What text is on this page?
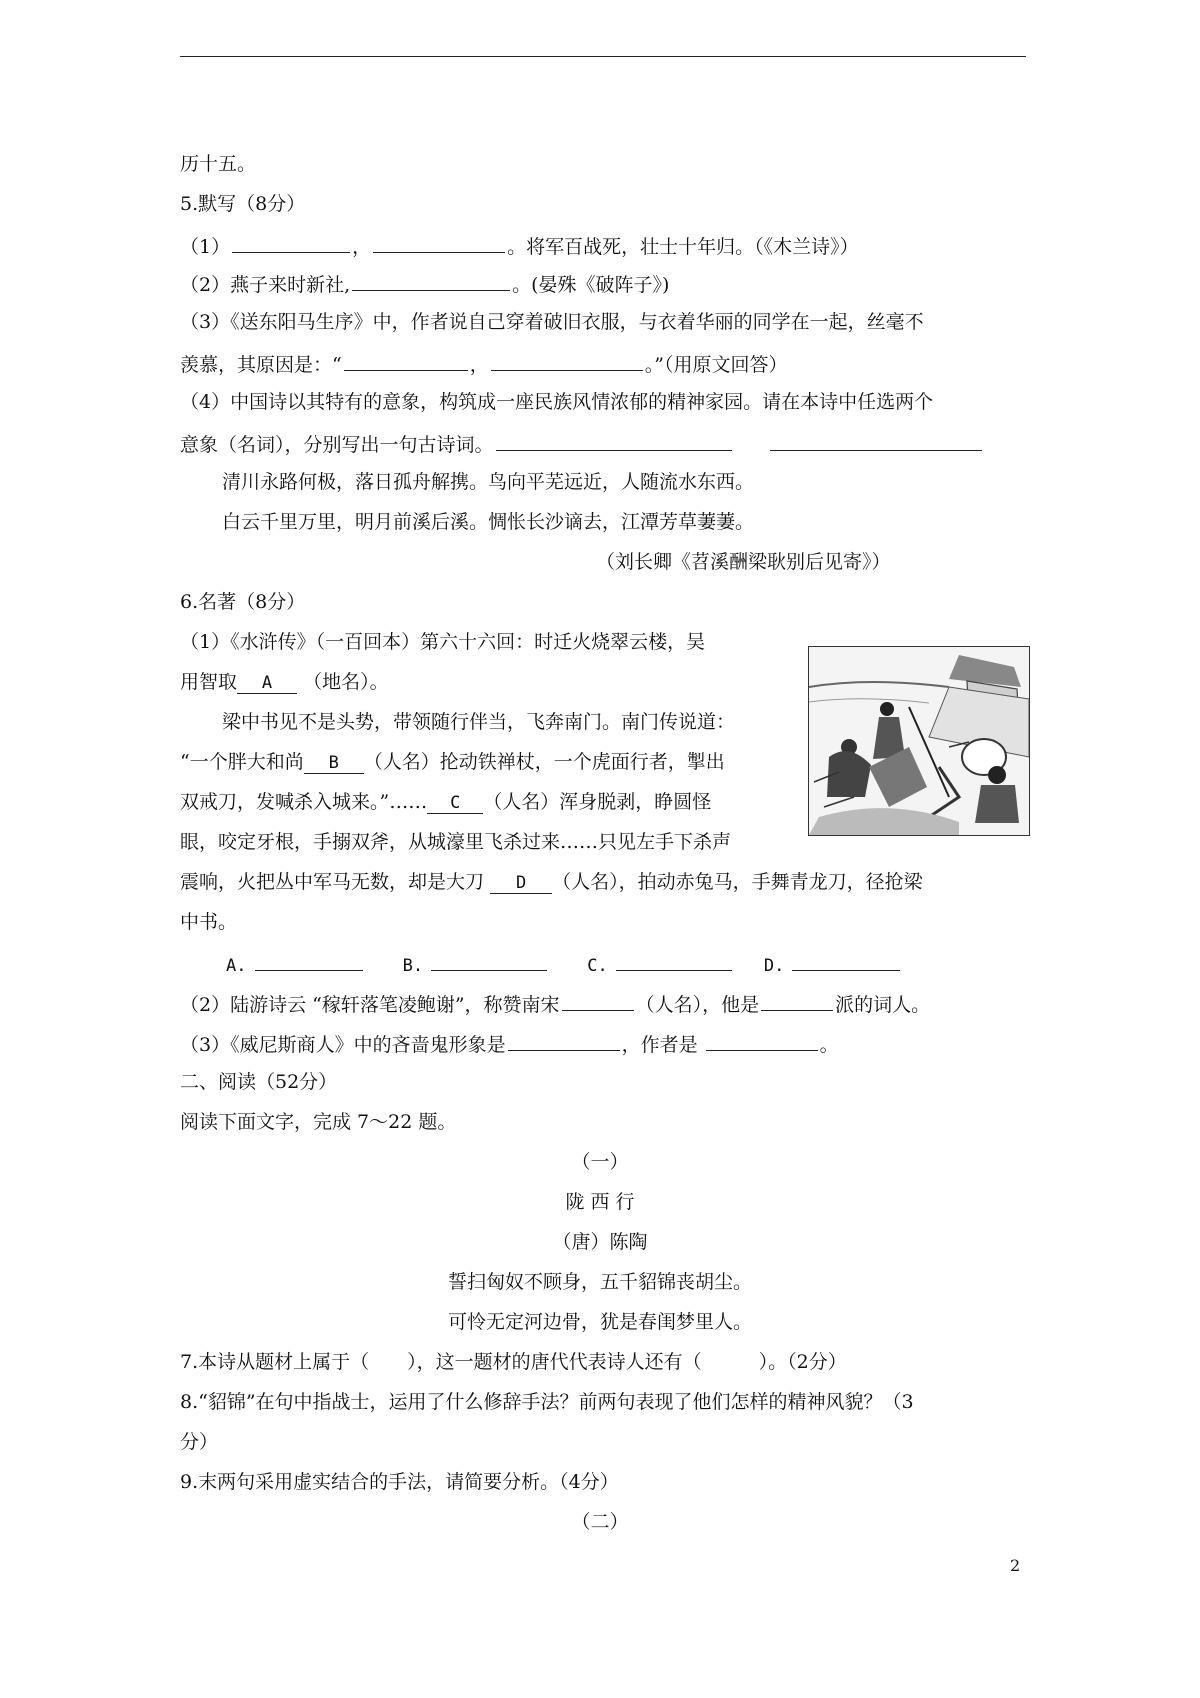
历十五。
5.默写（8分）
（1）	，	。将军百战死，壮士十年归。（《木兰诗》）
（2）燕子来时新社,	。(晏殊《破阵子》)
（3）《送东阳马生序》中，作者说自己穿着破旧衣服，与衣着华丽的同学在一起，丝毫不
羡慕，其原因是：“	，	。”（用原文回答）
（4）中国诗以其特有的意象，构筑成一座民族风情浓郁的精神家园。请在本诗中任选两个
意象（名词），分别写出一句古诗词。
清川永路何极，落日孤舟解携。鸟向平芜远近，人随流水东西。
白云千里万里，明月前溪后溪。惆怅长沙谪去，江潭芳草萋萋。
（刘长卿《苕溪酬梁耿别后见寄》）
6.名著（8分）
（1）《水浒传》（一百回本）第六十六回：时迁火烧翠云楼，吴
用智取 A （地名）。
梁中书见不是头势，带领随行伴当，飞奔南门。南门传说道：
“一个胖大和尚 B （人名）抡动铁禅杖，一个虎面行者，掣出
双戒刀，发喊杀入城来。”…… C （人名）浑身脱剥，睁圆怪
眼，咬定牙根，手搦双斧，从城濠里飞杀过来……只见左手下杀声
震响，火把丛中军马无数，却是大刀 D （人名），拍动赤兔马，手舞青龙刀，径抢梁
中书。
A.	B.	C.	D.
（2）陆游诗云 “稼轩落笔凌鲍谢”，称赞南宋	（人名），他是	派的词人。
（3）《威尼斯商人》中的吝啬鬼形象是	，作者是	。
二、阅读（52分）
阅读下面文字，完成 7～22 题。
（一）
陇 西 行
（唐）陈陶
誓扫匈奴不顾身，五千貂锦丧胡尘。
可怜无定河边骨，犹是春闺梦里人。
7.本诗从题材上属于（　　），这一题材的唐代代表诗人还有（　　　）。（2分）
8.“貂锦”在句中指战士，运用了什么修辞手法？前两句表现了他们怎样的精神风貌？（3
分）
9.末两句采用虚实结合的手法，请简要分析。（4分）
（二）
2
